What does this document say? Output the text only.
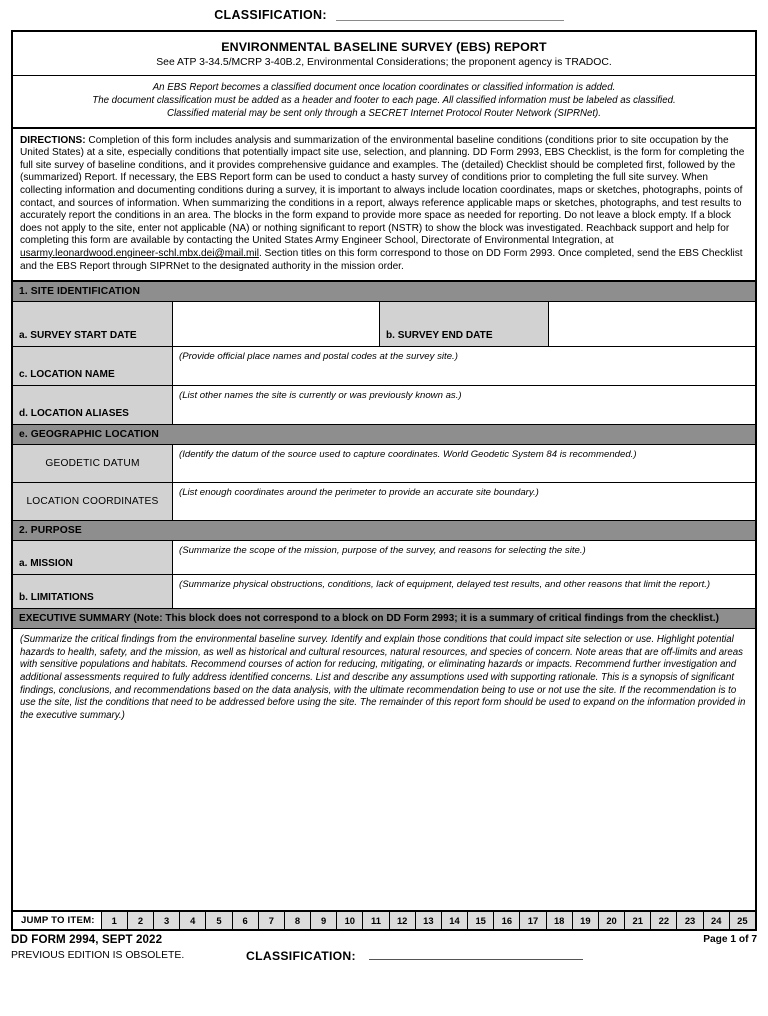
CLASSIFICATION:
ENVIRONMENTAL BASELINE SURVEY (EBS) REPORT
See ATP 3-34.5/MCRP 3-40B.2, Environmental Considerations; the proponent agency is TRADOC.
An EBS Report becomes a classified document once location coordinates or classified information is added.
The document classification must be added as a header and footer to each page. All classified information must be labeled as classified.
Classified material may be sent only through a SECRET Internet Protocol Router Network (SIPRNet).
DIRECTIONS: Completion of this form includes analysis and summarization of the environmental baseline conditions (conditions prior to site occupation by the United States) at a site, especially conditions that potentially impact site use, selection, and planning. DD Form 2993, EBS Checklist, is the form for completing the full site survey of baseline conditions, and it provides comprehensive guidance and examples. The (detailed) Checklist should be completed first, followed by the (summarized) Report. If necessary, the EBS Report form can be used to conduct a hasty survey of conditions prior to completing the full site survey. When collecting information and documenting conditions during a survey, it is important to always include location coordinates, maps or sketches, photographs, points of contact, and sources of information. When summarizing the conditions in a report, always reference applicable maps or sketches, photographs, and test results to accurately report the conditions in an area. The blocks in the form expand to provide more space as needed for reporting. Do not leave a block empty. If a block does not apply to the site, enter not applicable (NA) or nothing significant to report (NSTR) to show the block was investigated. Reachback support and help for completing this form are available by contacting the United States Army Engineer School, Directorate of Environmental Integration, at usarmy.leonardwood.engineer-schl.mbx.dei@mail.mil. Section titles on this form correspond to those on DD Form 2993. Once completed, send the EBS Checklist and the EBS Report through SIPRNet to the designated authority in the mission order.
1. SITE IDENTIFICATION
a. SURVEY START DATE	b. SURVEY END DATE
c. LOCATION NAME
(Provide official place names and postal codes at the survey site.)
d. LOCATION ALIASES
(List other names the site is currently or was previously known as.)
e. GEOGRAPHIC LOCATION
GEODETIC DATUM
(Identify the datum of the source used to capture coordinates. World Geodetic System 84 is recommended.)
LOCATION COORDINATES
(List enough coordinates around the perimeter to provide an accurate site boundary.)
2. PURPOSE
a. MISSION
(Summarize the scope of the mission, purpose of the survey, and reasons for selecting the site.)
b. LIMITATIONS
(Summarize physical obstructions, conditions, lack of equipment, delayed test results, and other reasons that limit the report.)
EXECUTIVE SUMMARY (Note: This block does not correspond to a block on DD Form 2993; it is a summary of critical findings from the checklist.)
(Summarize the critical findings from the environmental baseline survey. Identify and explain those conditions that could impact site selection or use. Highlight potential hazards to health, safety, and the mission, as well as historical and cultural resources, natural resources, and species of concern. Note areas that are off-limits and areas with sensitive populations and habitats. Recommend courses of action for reducing, mitigating, or eliminating hazards or impacts. Recommend further investigation and additional assessments required to fully address identified concerns. List and describe any assumptions used with supporting rationale. This is a synopsis of significant findings, conclusions, and recommendations based on the data analysis, with the ultimate recommendation being to use or not use the site. If the recommendation is to use the site, list the conditions that need to be addressed before using the site. The remainder of this report form should be used to expand on the information provided in the executive summary.)
JUMP TO ITEM:	1	2	3	4	5	6	7	8	9	10	11	12	13	14	15	16	17	18	19	20	21	22	23	24	25
DD FORM 2994, SEPT 2022
PREVIOUS EDITION IS OBSOLETE.
Page 1 of 7
CLASSIFICATION:
